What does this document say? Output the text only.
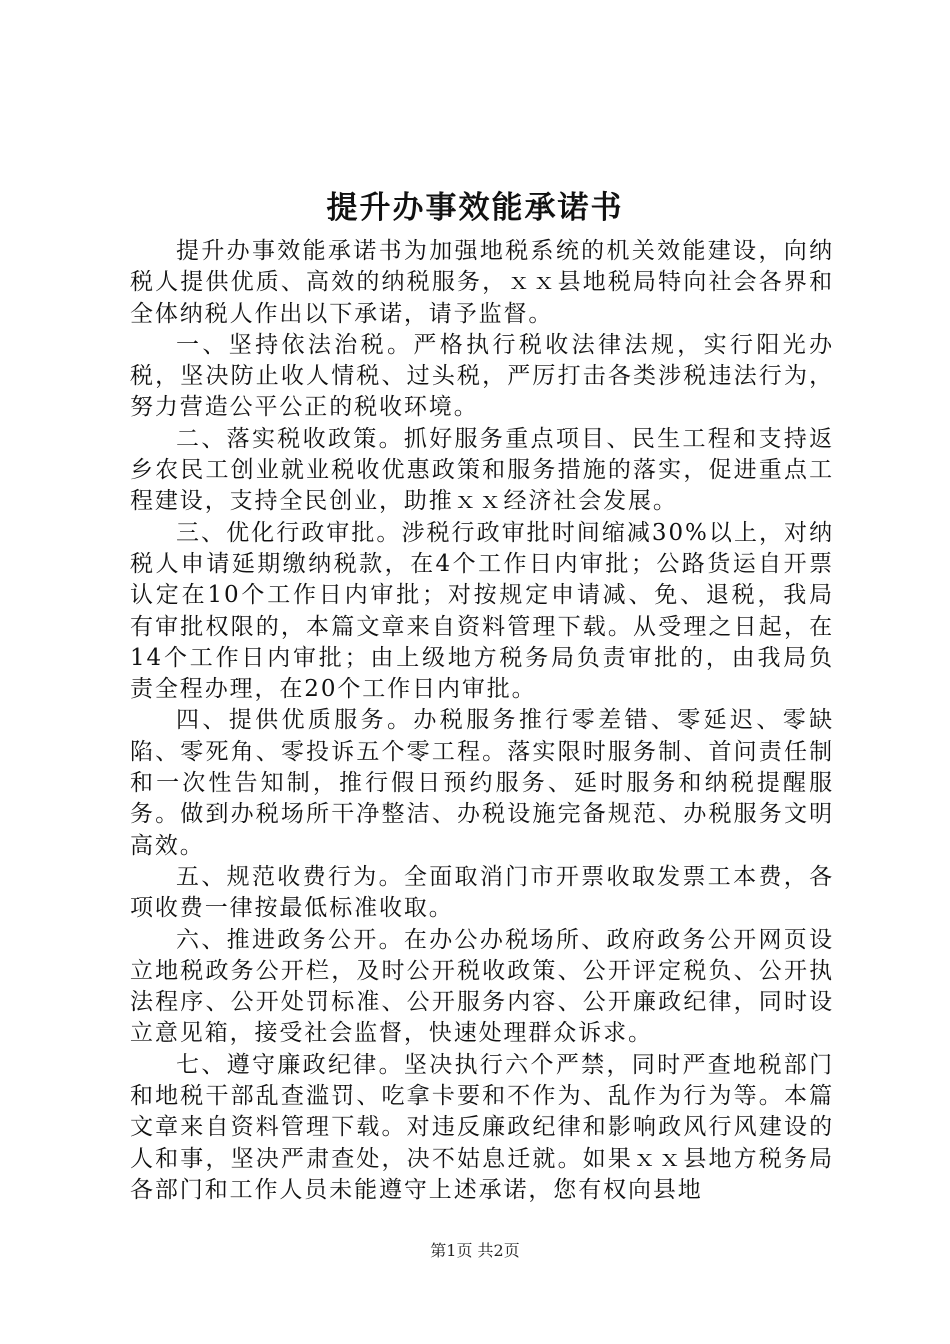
提升办事效能承诺书

提升办事效能承诺书为加强地税系统的机关效能建设，向纳税人提供优质、高效的纳税服务，ｘｘ县地税局特向社会各界和全体纳税人作出以下承诺，请予监督。

一、坚持依法治税。严格执行税收法律法规，实行阳光办税，坚决防止收人情税、过头税，严厉打击各类涉税违法行为，努力营造公平公正的税收环境。

二、落实税收政策。抓好服务重点项目、民生工程和支持返乡农民工创业就业税收优惠政策和服务措施的落实，促进重点工程建设，支持全民创业，助推ｘｘ经济社会发展。

三、优化行政审批。涉税行政审批时间缩减30%以上，对纳税人申请延期缴纳税款，在4个工作日内审批；公路货运自开票认定在10个工作日内审批；对按规定申请减、免、退税，我局有审批权限的，本篇文章来自资料管理下载。从受理之日起，在14个工作日内审批；由上级地方税务局负责审批的，由我局负责全程办理，在20个工作日内审批。

四、提供优质服务。办税服务推行零差错、零延迟、零缺陷、零死角、零投诉五个零工程。落实限时服务制、首问责任制和一次性告知制，推行假日预约服务、延时服务和纳税提醒服务。做到办税场所干净整洁、办税设施完备规范、办税服务文明高效。

五、规范收费行为。全面取消门市开票收取发票工本费，各项收费一律按最低标准收取。

六、推进政务公开。在办公办税场所、政府政务公开网页设立地税政务公开栏，及时公开税收政策、公开评定税负、公开执法程序、公开处罚标准、公开服务内容、公开廉政纪律，同时设立意见箱，接受社会监督，快速处理群众诉求。

七、遵守廉政纪律。坚决执行六个严禁，同时严查地税部门和地税干部乱查滥罚、吃拿卡要和不作为、乱作为行为等。本篇文章来自资料管理下载。对违反廉政纪律和影响政风行风建设的人和事，坚决严肃查处，决不姑息迁就。如果ｘｘ县地方税务局各部门和工作人员未能遵守上述承诺，您有权向县地

第1页 共2页
